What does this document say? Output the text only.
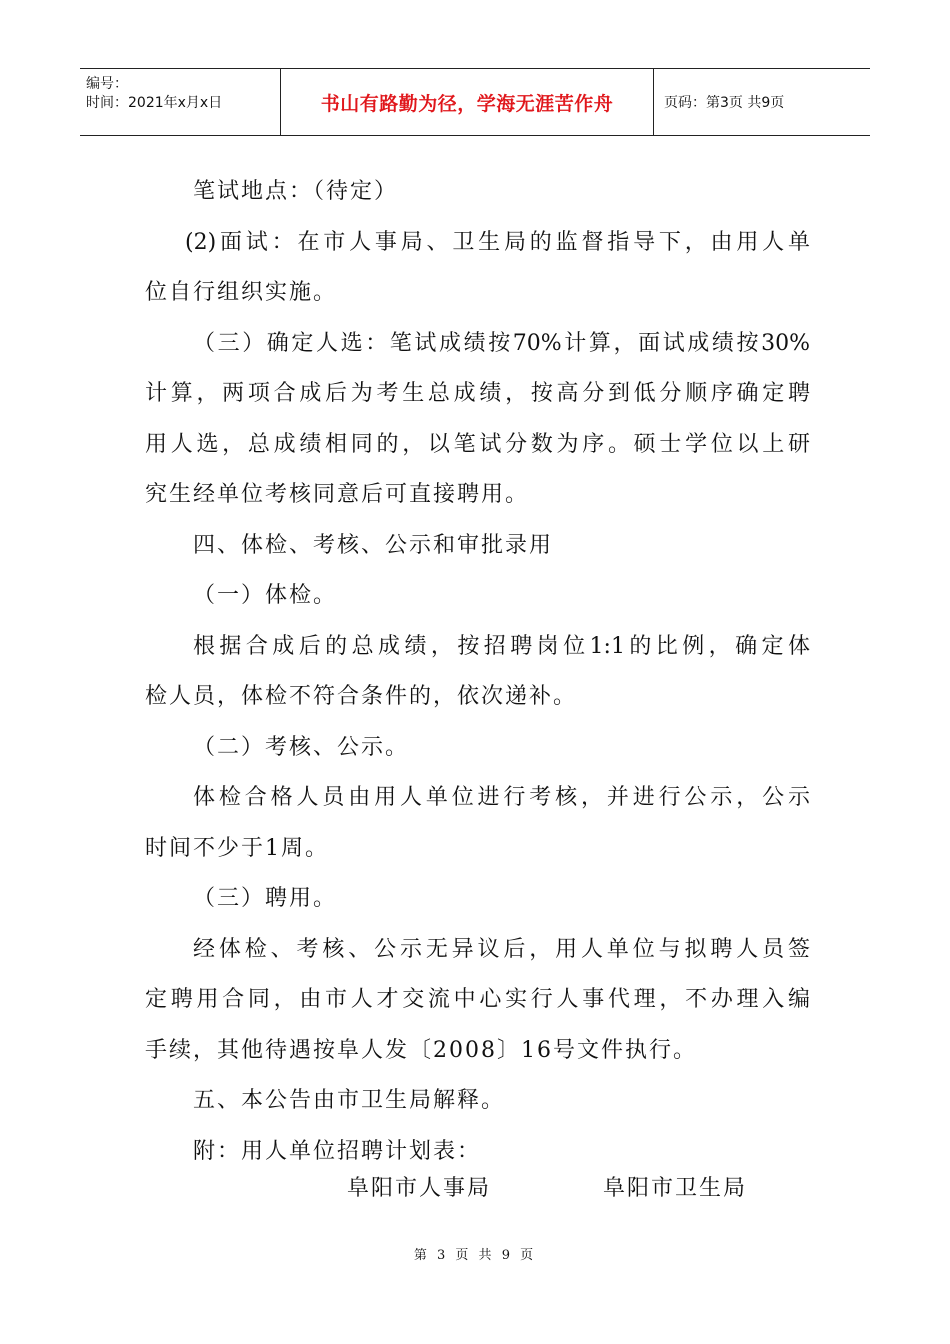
编号：
时间：2021年x月x日	书山有路勤为径，学海无涯苦作舟	页码：第3页 共9页
笔试地点：（待定）
(2)面试：在市人事局、卫生局的监督指导下，由用人单
位自行组织实施。
（三）确定人选：笔试成绩按70%计算，面试成绩按30%
计算，两项合成后为考生总成绩，按高分到低分顺序确定聘
用人选，总成绩相同的，以笔试分数为序。硕士学位以上研
究生经单位考核同意后可直接聘用。
四、体检、考核、公示和审批录用
（一）体检。
根据合成后的总成绩，按招聘岗位1:1的比例，确定体
检人员，体检不符合条件的，依次递补。
（二）考核、公示。
体检合格人员由用人单位进行考核，并进行公示，公示
时间不少于1周。
（三）聘用。
经体检、考核、公示无异议后，用人单位与拟聘人员签
定聘用合同，由市人才交流中心实行人事代理，不办理入编
手续，其他待遇按阜人发〔2008〕16号文件执行。
五、本公告由市卫生局解释。
附：用人单位招聘计划表：
阜阳市人事局	阜阳市卫生局
第 3 页 共 9 页
